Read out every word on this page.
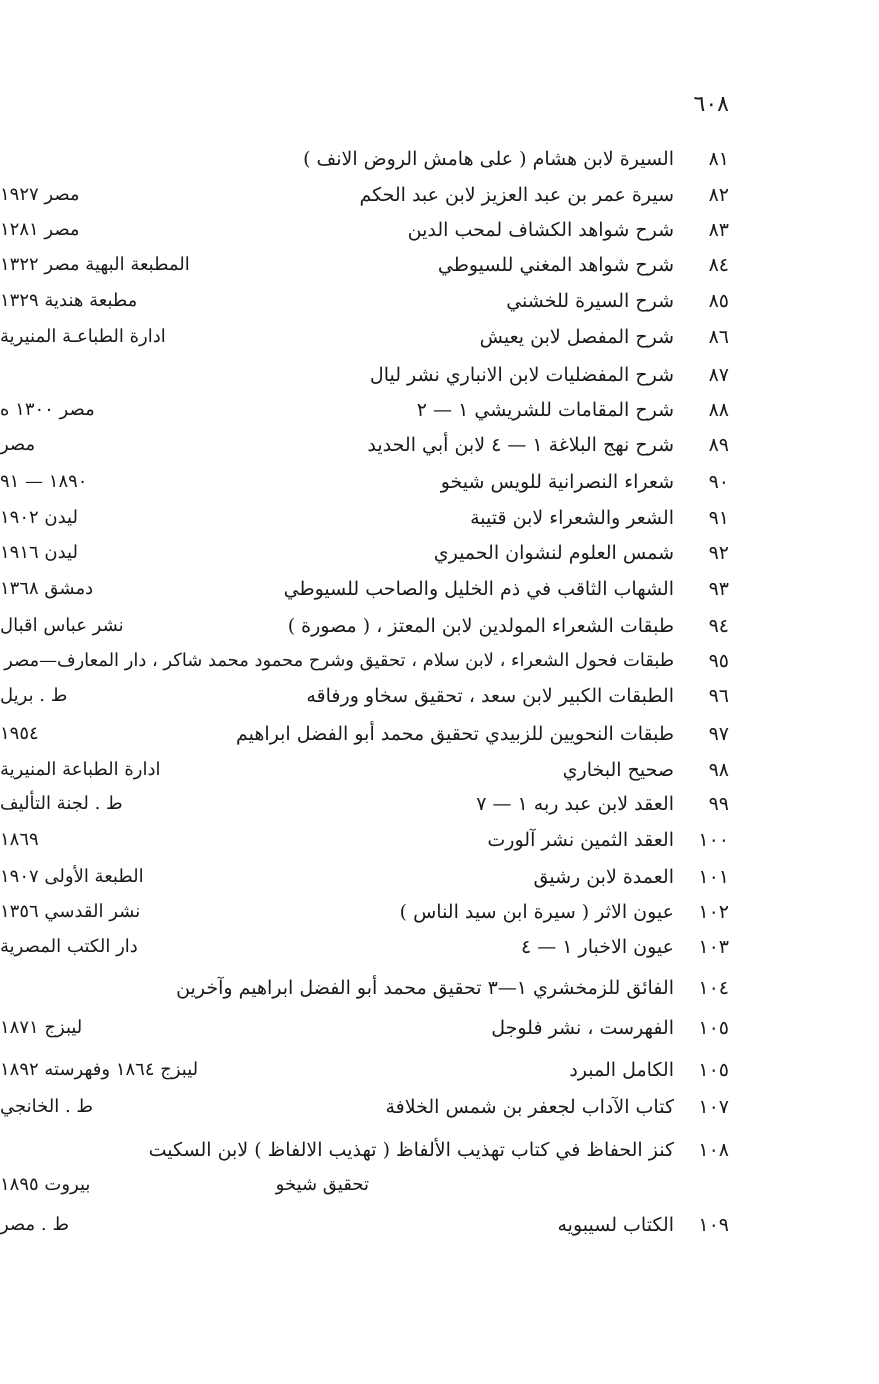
٦٠٨
٨١
السيرة لابن هشام ( على هامش الروض الانف )
٨٢
سيرة عمر بن عبد العزيز لابن عبد الحكم
مصر ١٩٢٧
٨٣
شرح شواهد الكشاف لمحب الدين
مصر ١٢٨١
٨٤
شرح شواهد المغني للسيوطي
المطبعة البهية مصر ١٣٢٢
٨٥
شرح السيرة للخشني
مطبعة هندية ١٣٢٩
٨٦
شرح المفصل لابن يعيش
ادارة الطباعـة المنيرية
٨٧
شرح المفضليات لابن الانباري نشر ليال
٨٨
شرح المقامات للشريشي ١ — ٢
مصر ١٣٠٠ ه
٨٩
شرح نهج البلاغة ١ — ٤ لابن أبي الحديد
مصر
٩٠
شعراء النصرانية للويس شيخو
١٨٩٠ — ٩١
٩١
الشعر والشعراء لابن قتيبة
ليدن ١٩٠٢
٩٢
شمس العلوم لنشوان الحميري
ليدن ١٩١٦
٩٣
الشهاب الثاقب في ذم الخليل والصاحب للسيوطي
دمشق ١٣٦٨
٩٤
طبقات الشعراء المولدين لابن المعتز ، ( مصورة )
نشر عباس اقبال
٩٥
طبقات فحول الشعراء ، لابن سلام ، تحقيق وشرح محمود محمد شاكر ، دار المعارف—مصر
٩٦
الطبقات الكبير لابن سعد ، تحقيق سخاو ورفاقه
ط . بريل
٩٧
طبقات النحويين للزبيدي تحقيق محمد أبو الفضل ابراهيم
١٩٥٤
٩٨
صحيح البخاري
ادارة الطباعة المنيرية
٩٩
العقد لابن عبد ربه ١ — ٧
ط . لجنة التأليف
١٠٠
العقد الثمين نشر آلورت
١٨٦٩
١٠١
العمدة لابن رشيق
الطبعة الأولى ١٩٠٧
١٠٢
عيون الاثر ( سيرة ابن سيد الناس )
نشر القدسي ١٣٥٦
١٠٣
عيون الاخبار ١ — ٤
دار الكتب المصرية
١٠٤
الفائق للزمخشري ١—٣ تحقيق محمد أبو الفضل ابراهيم وآخرين
١٠٥
الفهرست ، نشر فلوجل
ليبزج ١٨٧١
١٠٥
الكامل المبرد
ليبزج ١٨٦٤ وفهرسته ١٨٩٢
١٠٧
كتاب الآداب لجعفر بن شمس الخلافة
ط . الخانجي
١٠٨
كنز الحفاظ في كتاب تهذيب الألفاظ ( تهذيب الالفاظ ) لابن السكيت
تحقيق شيخو
بيروت ١٨٩٥
١٠٩
الكتاب لسيبويه
ط . مصر
